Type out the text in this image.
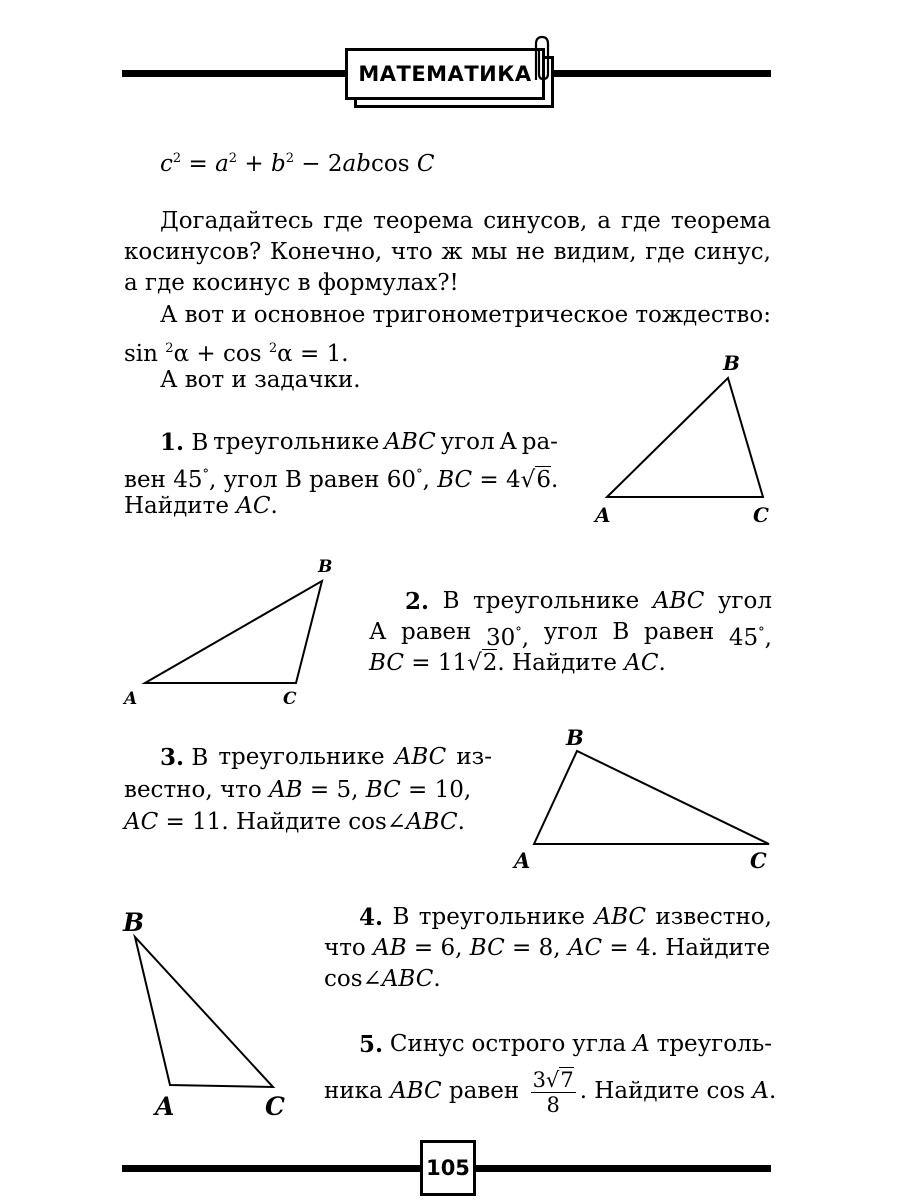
МАТЕМАТИКА
$c^2 = a^2 + b^2 - 2abcos$ C
Догадайтесь где теорема синусов, а где теорема
косинусов? Конечно, что ж мы не видим, где синус,
а где косинус в формулах?!
А вот и основное тригонометрическое тождество:
sin $^2$α + cos $^2$α = 1.
А вот и задачки.
1. В треугольнике ABC угол А ра-
вен 45°, угол В равен 60°, BC = 4√6.
Найдите AC.
B
A	C
B
A	C
2. В треугольнике ABC угол
А равен 30°, угол В равен 45°,
BC = 11√2. Найдите AC.
3. В треугольнике ABC из-
вестно, что AB = 5, BC = 10,
AC = 11. Найдите cos∠ABC.
B
A	C
B
A	C
4. В треугольнике ABC известно,
что AB = 6, BC = 8, AC = 4. Найдите
cos∠ABC.
5. Синус острого угла A треуголь-
ника ABC равен $\frac{3√7}{8}$ . Найдите cos A.
105
